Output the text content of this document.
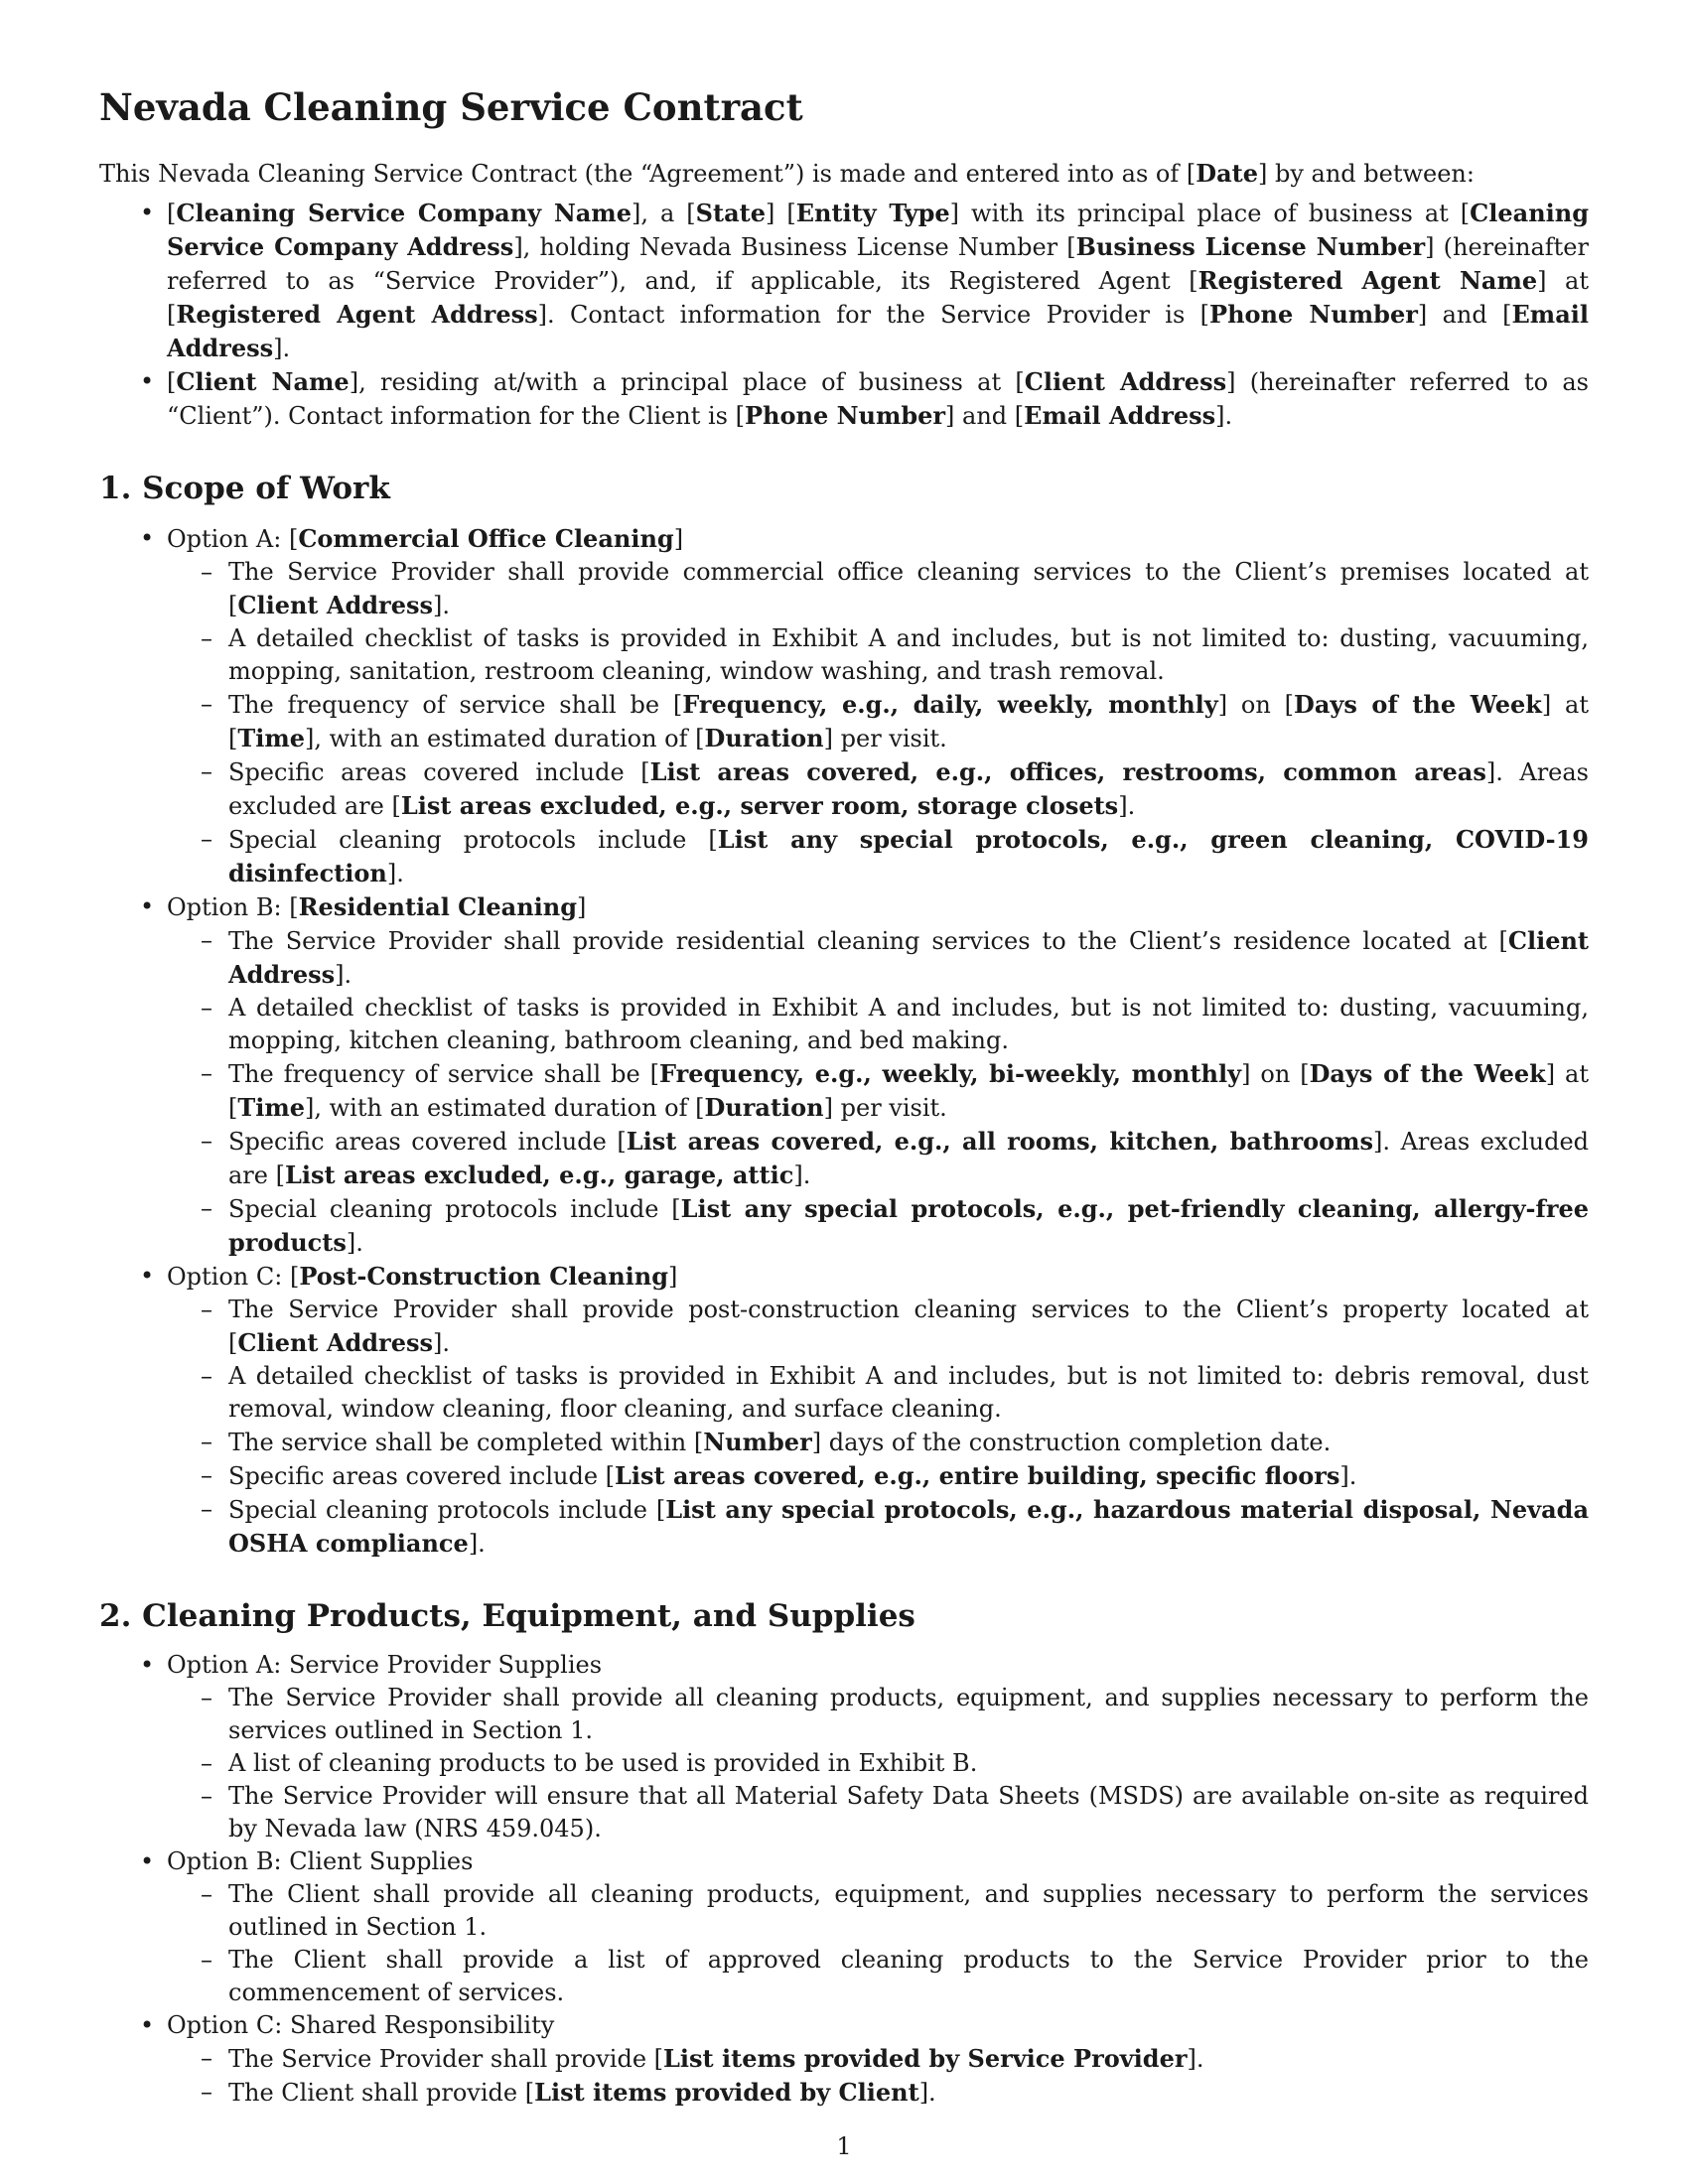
Nevada Cleaning Service Contract

This Nevada Cleaning Service Contract (the “Agreement”) is made and entered into as of [Date] by and between:

• [Cleaning Service Company Name], a [State] [Entity Type] with its principal place of business at [Cleaning Service Company Address], holding Nevada Business License Number [Business License Number] (hereinafter referred to as “Service Provider”), and, if applicable, its Registered Agent [Registered Agent Name] at [Registered Agent Address]. Contact information for the Service Provider is [Phone Number] and [Email Address].
• [Client Name], residing at/with a principal place of business at [Client Address] (hereinafter referred to as “Client”). Contact information for the Client is [Phone Number] and [Email Address].
1. Scope of Work
• Option A: [Commercial Office Cleaning]
– The Service Provider shall provide commercial office cleaning services to the Client’s premises located at [Client Address].
– A detailed checklist of tasks is provided in Exhibit A and includes, but is not limited to: dusting, vacuuming, mopping, sanitation, restroom cleaning, window washing, and trash removal.
– The frequency of service shall be [Frequency, e.g., daily, weekly, monthly] on [Days of the Week] at [Time], with an estimated duration of [Duration] per visit.
– Specific areas covered include [List areas covered, e.g., offices, restrooms, common areas]. Areas excluded are [List areas excluded, e.g., server room, storage closets].
– Special cleaning protocols include [List any special protocols, e.g., green cleaning, COVID-19 disinfection].
• Option B: [Residential Cleaning]
– The Service Provider shall provide residential cleaning services to the Client’s residence located at [Client Address].
– A detailed checklist of tasks is provided in Exhibit A and includes, but is not limited to: dusting, vacuuming, mopping, kitchen cleaning, bathroom cleaning, and bed making.
– The frequency of service shall be [Frequency, e.g., weekly, bi-weekly, monthly] on [Days of the Week] at [Time], with an estimated duration of [Duration] per visit.
– Specific areas covered include [List areas covered, e.g., all rooms, kitchen, bathrooms]. Areas excluded are [List areas excluded, e.g., garage, attic].
– Special cleaning protocols include [List any special protocols, e.g., pet-friendly cleaning, allergy-free products].
• Option C: [Post-Construction Cleaning]
– The Service Provider shall provide post-construction cleaning services to the Client’s property located at [Client Address].
– A detailed checklist of tasks is provided in Exhibit A and includes, but is not limited to: debris removal, dust removal, window cleaning, floor cleaning, and surface cleaning.
– The service shall be completed within [Number] days of the construction completion date.
– Specific areas covered include [List areas covered, e.g., entire building, specific floors].
– Special cleaning protocols include [List any special protocols, e.g., hazardous material disposal, Nevada OSHA compliance].
2. Cleaning Products, Equipment, and Supplies
• Option A: Service Provider Supplies
– The Service Provider shall provide all cleaning products, equipment, and supplies necessary to perform the services outlined in Section 1.
– A list of cleaning products to be used is provided in Exhibit B.
– The Service Provider will ensure that all Material Safety Data Sheets (MSDS) are available on-site as required by Nevada law (NRS 459.045).
• Option B: Client Supplies
– The Client shall provide all cleaning products, equipment, and supplies necessary to perform the services outlined in Section 1.
– The Client shall provide a list of approved cleaning products to the Service Provider prior to the commencement of services.
• Option C: Shared Responsibility
– The Service Provider shall provide [List items provided by Service Provider].
– The Client shall provide [List items provided by Client].
1
